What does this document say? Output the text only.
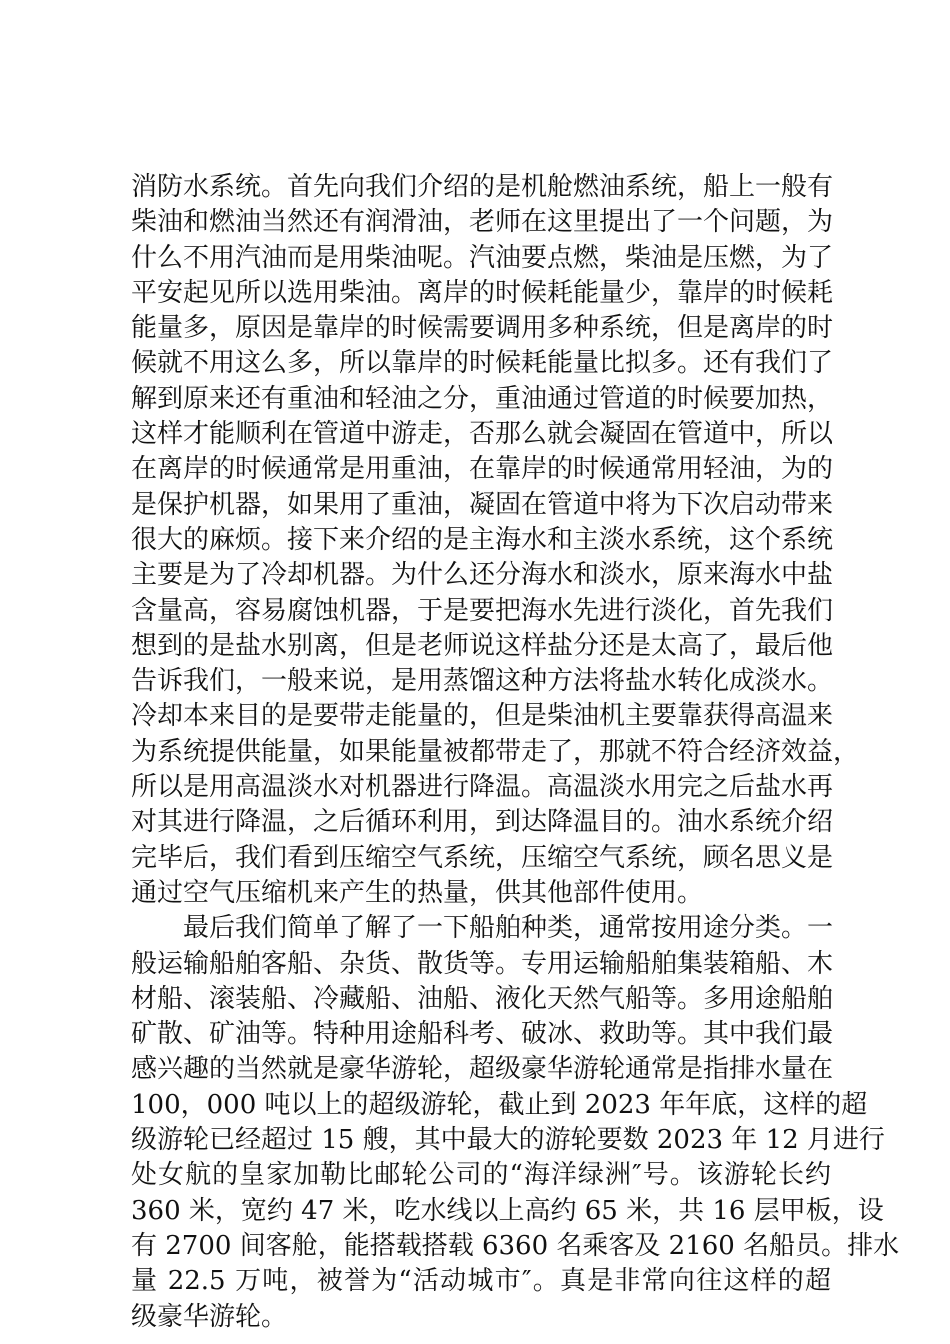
消防水系统。首先向我们介绍的是机舱燃油系统，船上一般有
柴油和燃油当然还有润滑油，老师在这里提出了一个问题，为
什么不用汽油而是用柴油呢。汽油要点燃，柴油是压燃，为了
平安起见所以选用柴油。离岸的时候耗能量少，靠岸的时候耗
能量多，原因是靠岸的时候需要调用多种系统，但是离岸的时
候就不用这么多，所以靠岸的时候耗能量比拟多。还有我们了
解到原来还有重油和轻油之分，重油通过管道的时候要加热，
这样才能顺利在管道中游走，否那么就会凝固在管道中，所以
在离岸的时候通常是用重油，在靠岸的时候通常用轻油，为的
是保护机器，如果用了重油，凝固在管道中将为下次启动带来
很大的麻烦。接下来介绍的是主海水和主淡水系统，这个系统
主要是为了冷却机器。为什么还分海水和淡水，原来海水中盐
含量高，容易腐蚀机器，于是要把海水先进行淡化，首先我们
想到的是盐水别离，但是老师说这样盐分还是太高了，最后他
告诉我们，一般来说，是用蒸馏这种方法将盐水转化成淡水。
冷却本来目的是要带走能量的，但是柴油机主要靠获得高温来
为系统提供能量，如果能量被都带走了，那就不符合经济效益，
所以是用高温淡水对机器进行降温。高温淡水用完之后盐水再
对其进行降温，之后循环利用，到达降温目的。油水系统介绍
完毕后，我们看到压缩空气系统，压缩空气系统，顾名思义是
通过空气压缩机来产生的热量，供其他部件使用。
最后我们简单了解了一下船舶种类，通常按用途分类。一
般运输船舶客船、杂货、散货等。专用运输船舶集装箱船、木
材船、滚装船、冷藏船、油船、液化天然气船等。多用途船舶
矿散、矿油等。特种用途船科考、破冰、救助等。其中我们最
感兴趣的当然就是豪华游轮，超级豪华游轮通常是指排水量在
100，000 吨以上的超级游轮，截止到 2023 年年底，这样的超
级游轮已经超过 15 艘，其中最大的游轮要数 2023 年 12 月进行
处女航的皇家加勒比邮轮公司的“海洋绿洲″号。该游轮长约
360 米，宽约 47 米，吃水线以上高约 65 米，共 16 层甲板，设
有 2700 间客舱，能搭载搭载 6360 名乘客及 2160 名船员。排水
量 22.5 万吨，被誉为“活动城市″。真是非常向往这样的超
级豪华游轮。
